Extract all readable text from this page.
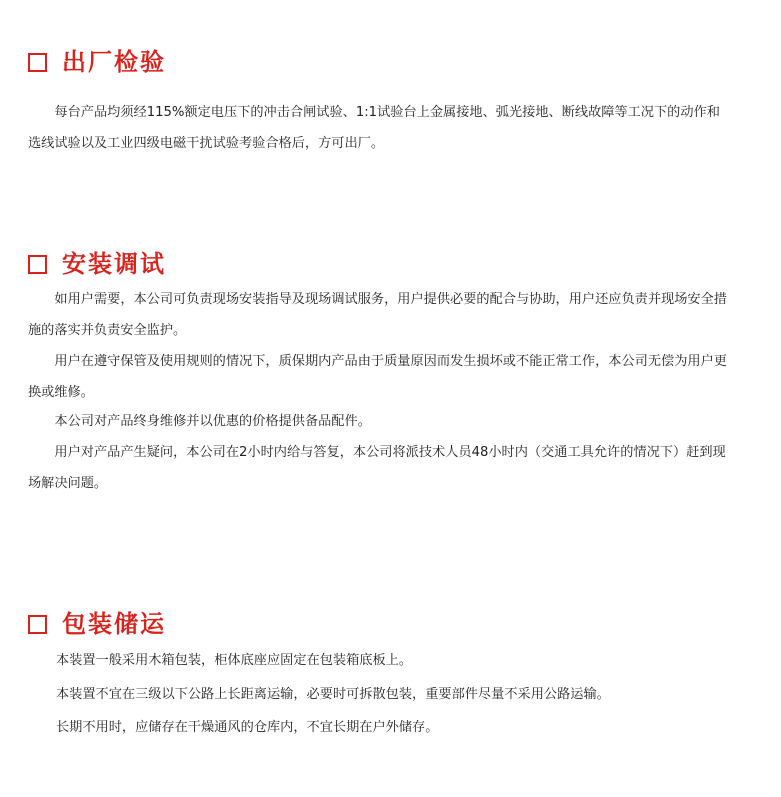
出厂检验
每台产品均须经115%额定电压下的冲击合闸试验、1:1试验台上金属接地、弧光接地、断线故障等工况下的动作和选线试验以及工业四级电磁干扰试验考验合格后，方可出厂。
安装调试
如用户需要，本公司可负责现场安装指导及现场调试服务，用户提供必要的配合与协助，用户还应负责并现场安全措施的落实并负责安全监护。
用户在遵守保管及使用规则的情况下，质保期内产品由于质量原因而发生损坏或不能正常工作，本公司无偿为用户更换或维修。
本公司对产品终身维修并以优惠的价格提供备品配件。
用户对产品产生疑问，本公司在2小时内给与答复，本公司将派技术人员48小时内（交通工具允许的情况下）赶到现场解决问题。
包装储运
本装置一般采用木箱包装，柜体底座应固定在包装箱底板上。
本装置不宜在三级以下公路上长距离运输，必要时可拆散包装，重要部件尽量不采用公路运输。
长期不用时，应储存在干燥通风的仓库内，不宜长期在户外储存。
